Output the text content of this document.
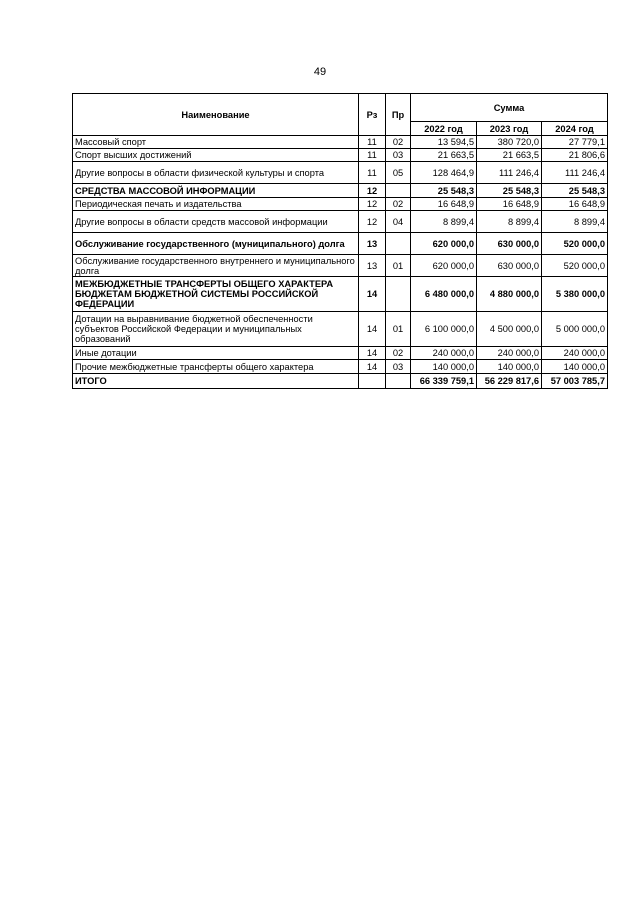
49
Наименование	Рз	Пр	Сумма		
			2022 год	2023 год	2024 год
Массовый спорт	11	02	13 594,5	380 720,0	27 779,1
Спорт высших достижений	11	03	21 663,5	21 663,5	21 806,6
Другие вопросы в области физической культуры и спорта	11	05	128 464,9	111 246,4	111 246,4
СРЕДСТВА МАССОВОЙ ИНФОРМАЦИИ	12		25 548,3	25 548,3	25 548,3
Периодическая печать и издательства	12	02	16 648,9	16 648,9	16 648,9
Другие вопросы в области средств массовой информации	12	04	8 899,4	8 899,4	8 899,4
Обслуживание государственного (муниципального) долга	13		620 000,0	630 000,0	520 000,0
Обслуживание государственного внутреннего и муниципального долга	13	01	620 000,0	630 000,0	520 000,0
МЕЖБЮДЖЕТНЫЕ ТРАНСФЕРТЫ ОБЩЕГО ХАРАКТЕРА БЮДЖЕТАМ БЮДЖЕТНОЙ СИСТЕМЫ РОССИЙСКОЙ ФЕДЕРАЦИИ	14		6 480 000,0	4 880 000,0	5 380 000,0
Дотации на выравнивание бюджетной обеспеченности субъектов Российской Федерации и муниципальных образований	14	01	6 100 000,0	4 500 000,0	5 000 000,0
Иные дотации	14	02	240 000,0	240 000,0	240 000,0
Прочие межбюджетные трансферты общего характера	14	03	140 000,0	140 000,0	140 000,0
ИТОГО			66 339 759,1	56 229 817,6	57 003 785,7
